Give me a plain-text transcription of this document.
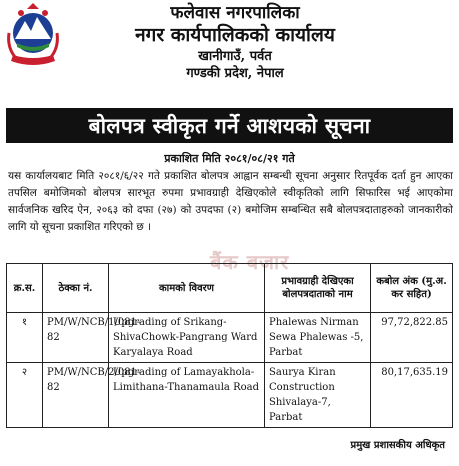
फलेवास नगरपालिका
नगर कार्यपालिकको कार्यालय
खानीगाउँ, पर्वत
गण्डकी प्रदेश, नेपाल
बोलपत्र स्वीकृत गर्ने आशयको सूचना
प्रकाशित मिति २०८१/०८/२१ गते
यस कार्यालयबाट मिति २०८१/६/२२ गते प्रकाशित बोलपत्र आह्वान सम्बन्धी सूचना अनुसार रितपूर्वक दर्ता हुन आएका तपसिल बमोजिमको बोलपत्र सारभूत रुपमा प्रभावग्राही देखिएकोले स्वीकृतिको लागि सिफारिस भई आएकोमा सार्वजनिक खरिद ऐन, २०६३ को दफा (२७) को उपदफा (२) बमोजिम सम्बन्धित सबै बोलपत्रदाताहरुको जानकारीको लागि यो सूचना प्रकाशित गरिएको छ ।
बैंक बजार
क्र.स.	ठेक्का नं.	कामको विवरण	प्रभावग्राही देखिएका बोलपत्रदाताको नाम	कबोल अंक (मु.अ. कर सहित)
१	PM/W/NCB/1/081-82	Upgrading of Srikang-ShivaChowk-Pangrang Ward Karyalaya Road	Phalewas Nirman Sewa Phalewas -5, Parbat	97,72,822.85
२	PM/W/NCB/2/081-82	Upgrading of Lamayakhola-Limithana-Thanamaula Road	Saurya Kiran Construction Shivalaya-7, Parbat	80,17,635.19
प्रमुख प्रशासकीय अधिकृत
